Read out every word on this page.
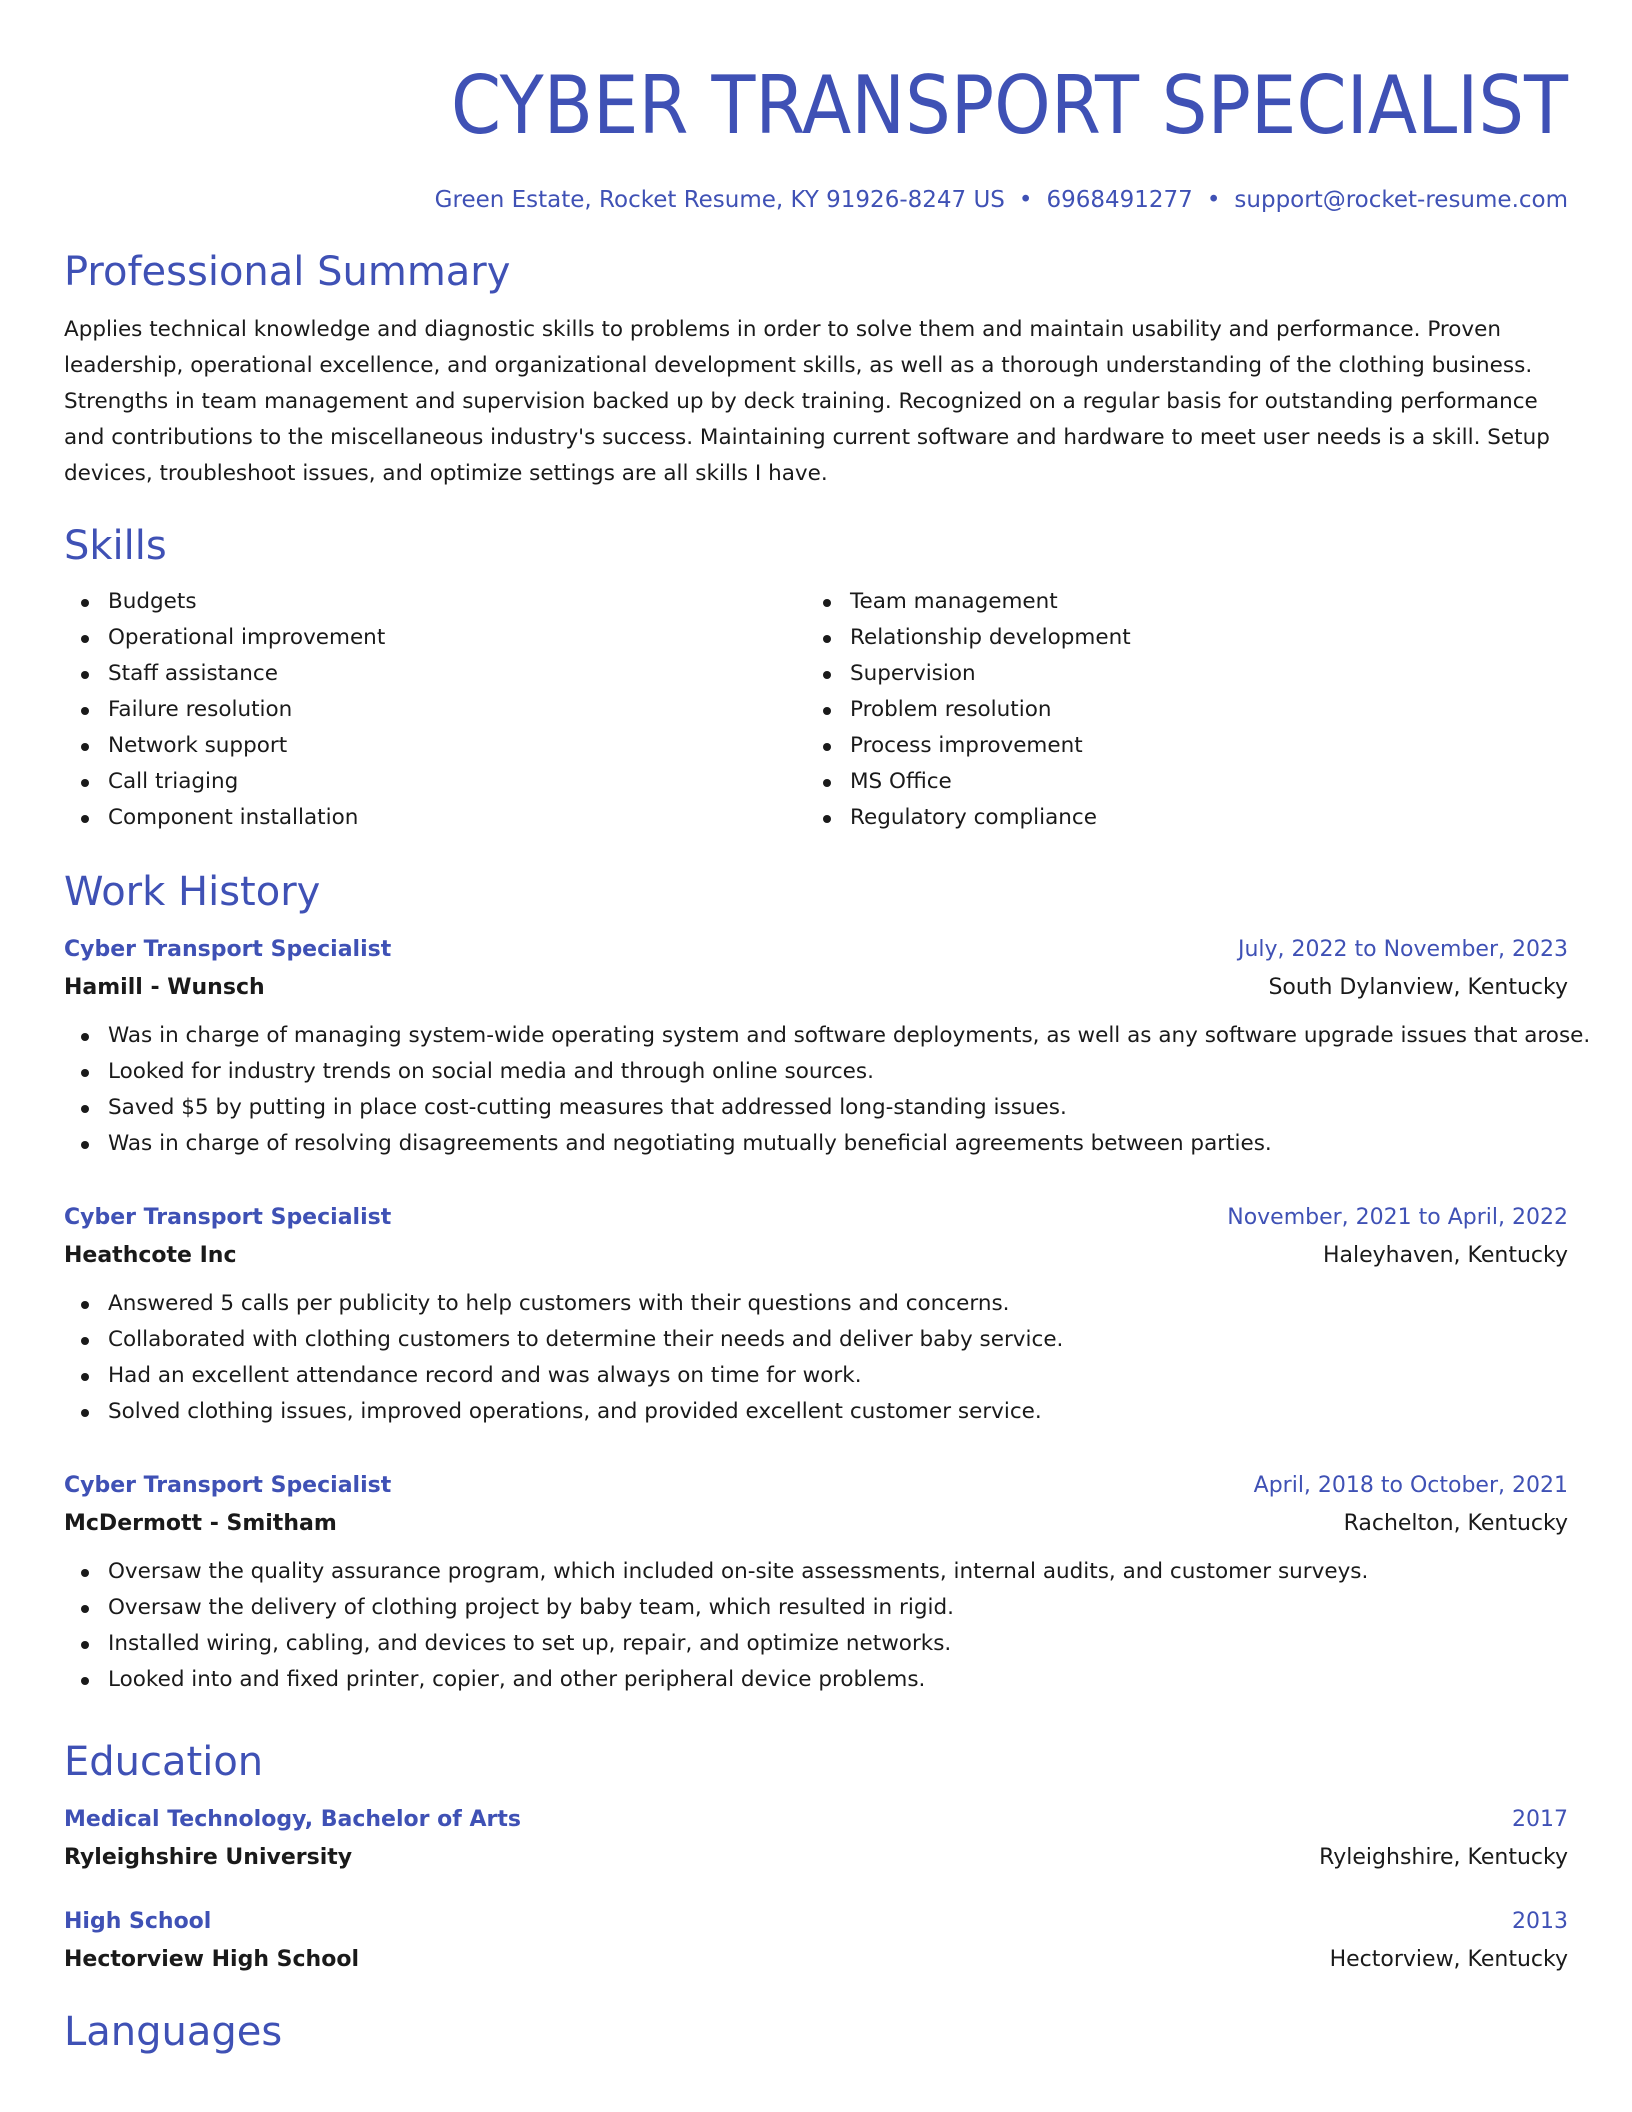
CYBER TRANSPORT SPECIALIST
Green Estate, Rocket Resume, KY 91926-8247 US • 6968491277 • support@rocket-resume.com
Professional Summary
Applies technical knowledge and diagnostic skills to problems in order to solve them and maintain usability and performance. Proven leadership, operational excellence, and organizational development skills, as well as a thorough understanding of the clothing business. Strengths in team management and supervision backed up by deck training. Recognized on a regular basis for outstanding performance and contributions to the miscellaneous industry's success. Maintaining current software and hardware to meet user needs is a skill. Setup devices, troubleshoot issues, and optimize settings are all skills I have.
Skills
Budgets
Operational improvement
Staff assistance
Failure resolution
Network support
Call triaging
Component installation
Team management
Relationship development
Supervision
Problem resolution
Process improvement
MS Office
Regulatory compliance
Work History
Cyber Transport Specialist	July, 2022 to November, 2023
Hamill - Wunsch	South Dylanview, Kentucky
Was in charge of managing system-wide operating system and software deployments, as well as any software upgrade issues that arose.
Looked for industry trends on social media and through online sources.
Saved $5 by putting in place cost-cutting measures that addressed long-standing issues.
Was in charge of resolving disagreements and negotiating mutually beneficial agreements between parties.
Cyber Transport Specialist	November, 2021 to April, 2022
Heathcote Inc	Haleyhaven, Kentucky
Answered 5 calls per publicity to help customers with their questions and concerns.
Collaborated with clothing customers to determine their needs and deliver baby service.
Had an excellent attendance record and was always on time for work.
Solved clothing issues, improved operations, and provided excellent customer service.
Cyber Transport Specialist	April, 2018 to October, 2021
McDermott - Smitham	Rachelton, Kentucky
Oversaw the quality assurance program, which included on-site assessments, internal audits, and customer surveys.
Oversaw the delivery of clothing project by baby team, which resulted in rigid.
Installed wiring, cabling, and devices to set up, repair, and optimize networks.
Looked into and fixed printer, copier, and other peripheral device problems.
Education
Medical Technology, Bachelor of Arts	2017
Ryleighshire University	Ryleighshire, Kentucky
High School	2013
Hectorview High School	Hectorview, Kentucky
Languages
